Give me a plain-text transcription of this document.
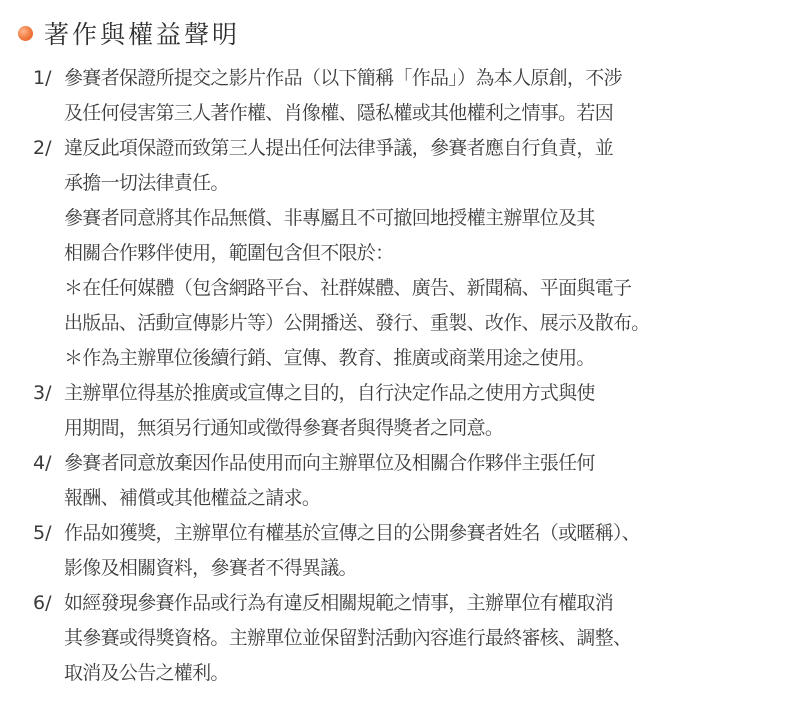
著作與權益聲明
1/ 參賽者保證所提交之影片作品（以下簡稱「作品」）為本人原創，不涉
及任何侵害第三人著作權、肖像權、隱私權或其他權利之情事。若因
2/ 違反此項保證而致第三人提出任何法律爭議，參賽者應自行負責，並
承擔一切法律責任。
參賽者同意將其作品無償、非專屬且不可撤回地授權主辦單位及其
相關合作夥伴使用，範圍包含但不限於：
＊在任何媒體（包含網路平台、社群媒體、廣告、新聞稿、平面與電子
出版品、活動宣傳影片等）公開播送、發行、重製、改作、展示及散布。
＊作為主辦單位後續行銷、宣傳、教育、推廣或商業用途之使用。
3/ 主辦單位得基於推廣或宣傳之目的，自行決定作品之使用方式與使
用期間，無須另行通知或徵得參賽者與得獎者之同意。
4/ 參賽者同意放棄因作品使用而向主辦單位及相關合作夥伴主張任何
報酬、補償或其他權益之請求。
5/ 作品如獲獎，主辦單位有權基於宣傳之目的公開參賽者姓名（或暱稱）、
影像及相關資料，參賽者不得異議。
6/ 如經發現參賽作品或行為有違反相關規範之情事，主辦單位有權取消
其參賽或得獎資格。主辦單位並保留對活動內容進行最終審核、調整、
取消及公告之權利。
